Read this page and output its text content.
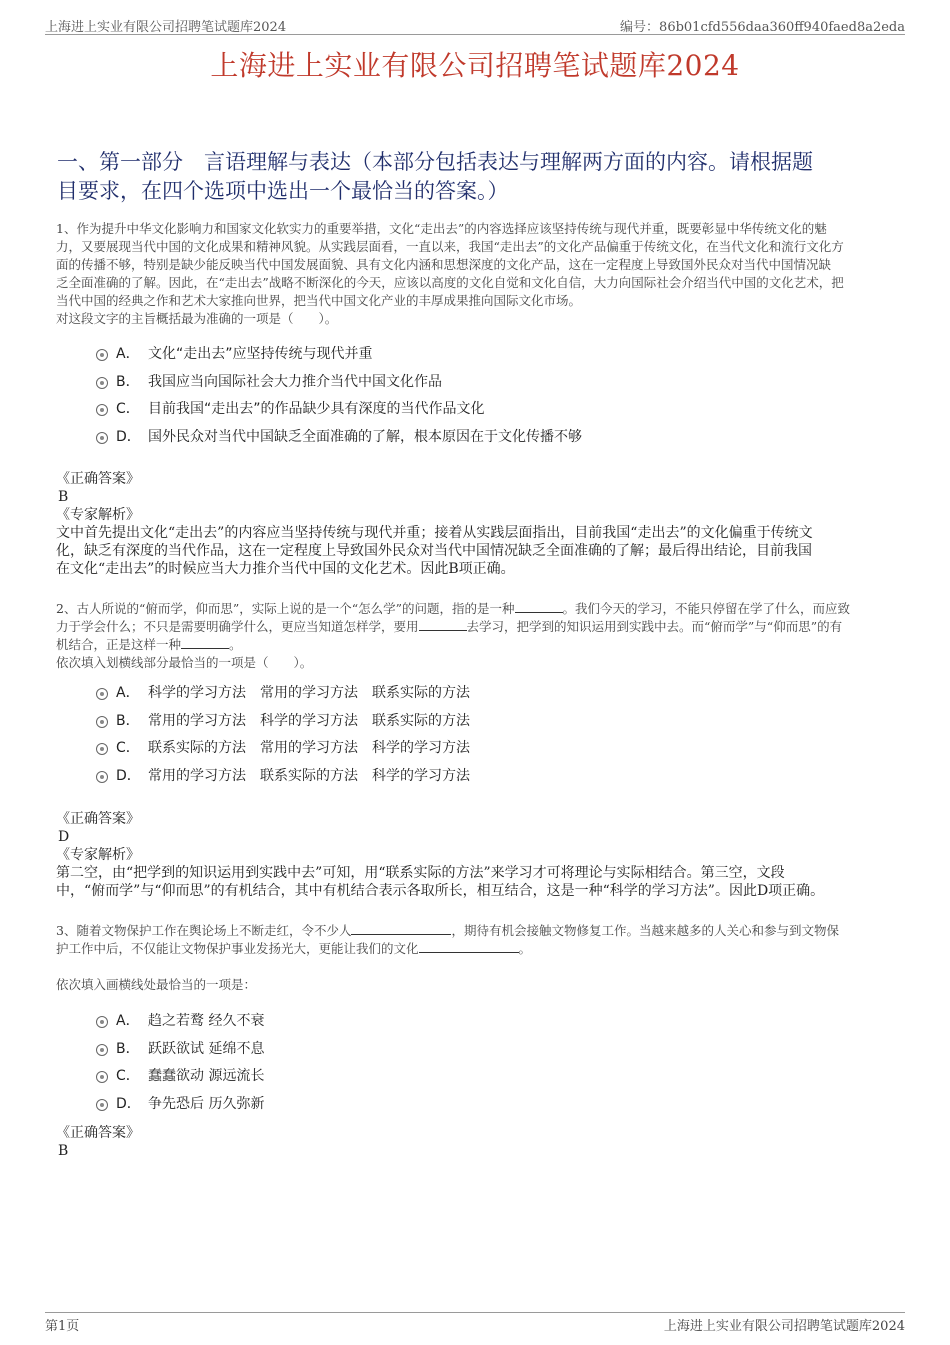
上海进上实业有限公司招聘笔试题库2024	编号：86b01cfd556daa360ff940faed8a2eda
上海进上实业有限公司招聘笔试题库2024
一、第一部分　言语理解与表达（本部分包括表达与理解两方面的内容。请根据题
目要求，在四个选项中选出一个最恰当的答案。）
1、作为提升中华文化影响力和国家文化软实力的重要举措，文化“走出去”的内容选择应该坚持传统与现代并重，既要彰显中华传统文化的魅
力，又要展现当代中国的文化成果和精神风貌。从实践层面看，一直以来，我国“走出去”的文化产品偏重于传统文化，在当代文化和流行文化方
面的传播不够，特别是缺少能反映当代中国发展面貌、具有文化内涵和思想深度的文化产品，这在一定程度上导致国外民众对当代中国情况缺
乏全面准确的了解。因此，在“走出去”战略不断深化的今天，应该以高度的文化自觉和文化自信，大力向国际社会介绍当代中国的文化艺术，把
当代中国的经典之作和艺术大家推向世界，把当代中国文化产业的丰厚成果推向国际文化市场。
对这段文字的主旨概括最为准确的一项是（　　）。
A． 文化“走出去”应坚持传统与现代并重
B． 我国应当向国际社会大力推介当代中国文化作品
C． 目前我国“走出去”的作品缺少具有深度的当代作品文化
D． 国外民众对当代中国缺乏全面准确的了解，根本原因在于文化传播不够
《正确答案》
B
《专家解析》
文中首先提出文化“走出去”的内容应当坚持传统与现代并重；接着从实践层面指出，目前我国“走出去”的文化偏重于传统文
化，缺乏有深度的当代作品，这在一定程度上导致国外民众对当代中国情况缺乏全面准确的了解；最后得出结论，目前我国
在文化“走出去”的时候应当大力推介当代中国的文化艺术。因此B项正确。
2、古人所说的“俯而学，仰而思”，实际上说的是一个“怎么学”的问题，指的是一种	。我们今天的学习，不能只停留在学了什么，而应致
力于学会什么；不只是需要明确学什么，更应当知道怎样学，要用	去学习，把学到的知识运用到实践中去。而“俯而学”与“仰而思”的有
机结合，正是这样一种	。
依次填入划横线部分最恰当的一项是（　　）。
A． 科学的学习方法　常用的学习方法　联系实际的方法
B． 常用的学习方法　科学的学习方法　联系实际的方法
C． 联系实际的方法　常用的学习方法　科学的学习方法
D． 常用的学习方法　联系实际的方法　科学的学习方法
《正确答案》
D
《专家解析》
第二空，由“把学到的知识运用到实践中去”可知，用“联系实际的方法”来学习才可将理论与实际相结合。第三空，文段
中，“俯而学”与“仰而思”的有机结合，其中有机结合表示各取所长，相互结合，这是一种“科学的学习方法”。因此D项正确。
3、随着文物保护工作在舆论场上不断走红，令不少人	，期待有机会接触文物修复工作。当越来越多的人关心和参与到文物保
护工作中后，不仅能让文物保护事业发扬光大，更能让我们的文化	。
依次填入画横线处最恰当的一项是：
A． 趋之若鹜 经久不衰
B． 跃跃欲试 延绵不息
C． 蠢蠢欲动 源远流长
D． 争先恐后 历久弥新
《正确答案》
B
第1页	上海进上实业有限公司招聘笔试题库2024
